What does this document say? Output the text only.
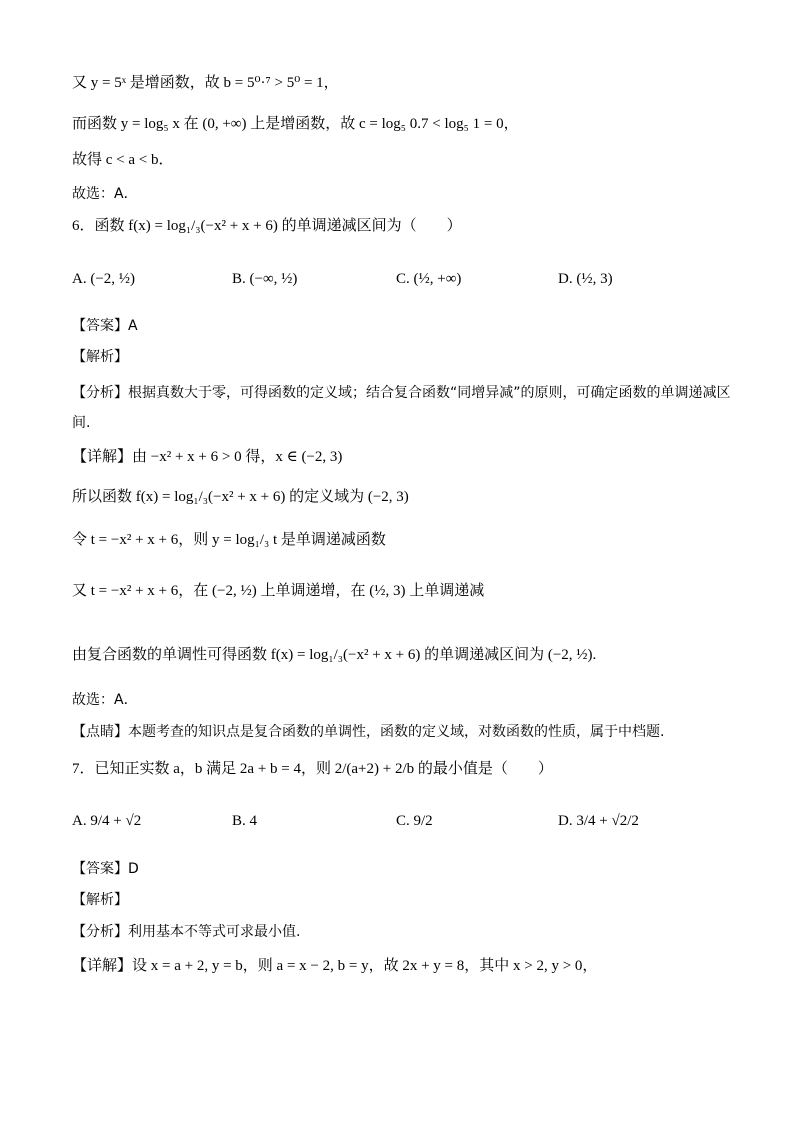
又 y = 5ˣ 是增函数，故 b = 5⁰·⁷ > 5⁰ = 1，
而函数 y = log₅ x 在 (0, +∞) 上是增函数，故 c = log₅ 0.7 < log₅ 1 = 0，
故得 c < a < b．
故选：A．
6．函数 f(x) = log₁/₃(−x² + x + 6) 的单调递减区间为（　　）
A. (−2, ½)	B. (−∞, ½)	C. (½, +∞)	D. (½, 3)
【答案】A
【解析】
【分析】根据真数大于零，可得函数的定义域；结合复合函数“同增异减”的原则，可确定函数的单调递减区间.
【详解】由 −x² + x + 6 > 0 得，x ∈ (−2, 3)
所以函数 f(x) = log₁/₃(−x² + x + 6) 的定义域为 (−2, 3)
令 t = −x² + x + 6，则 y = log₁/₃ t 是单调递减函数
又 t = −x² + x + 6，在 (−2, ½) 上单调递增，在 (½, 3) 上单调递减
由复合函数的单调性可得函数 f(x) = log₁/₃(−x² + x + 6) 的单调递减区间为 (−2, ½).
故选：A．
【点睛】本题考查的知识点是复合函数的单调性，函数的定义域，对数函数的性质，属于中档题.
7．已知正实数 a，b 满足 2a + b = 4，则 2/(a+2) + 2/b 的最小值是（　　）
A. 9/4 + √2	B. 4	C. 9/2	D. 3/4 + √2/2
【答案】D
【解析】
【分析】利用基本不等式可求最小值.
【详解】设 x = a + 2, y = b，则 a = x − 2, b = y，故 2x + y = 8，其中 x > 2, y > 0，
